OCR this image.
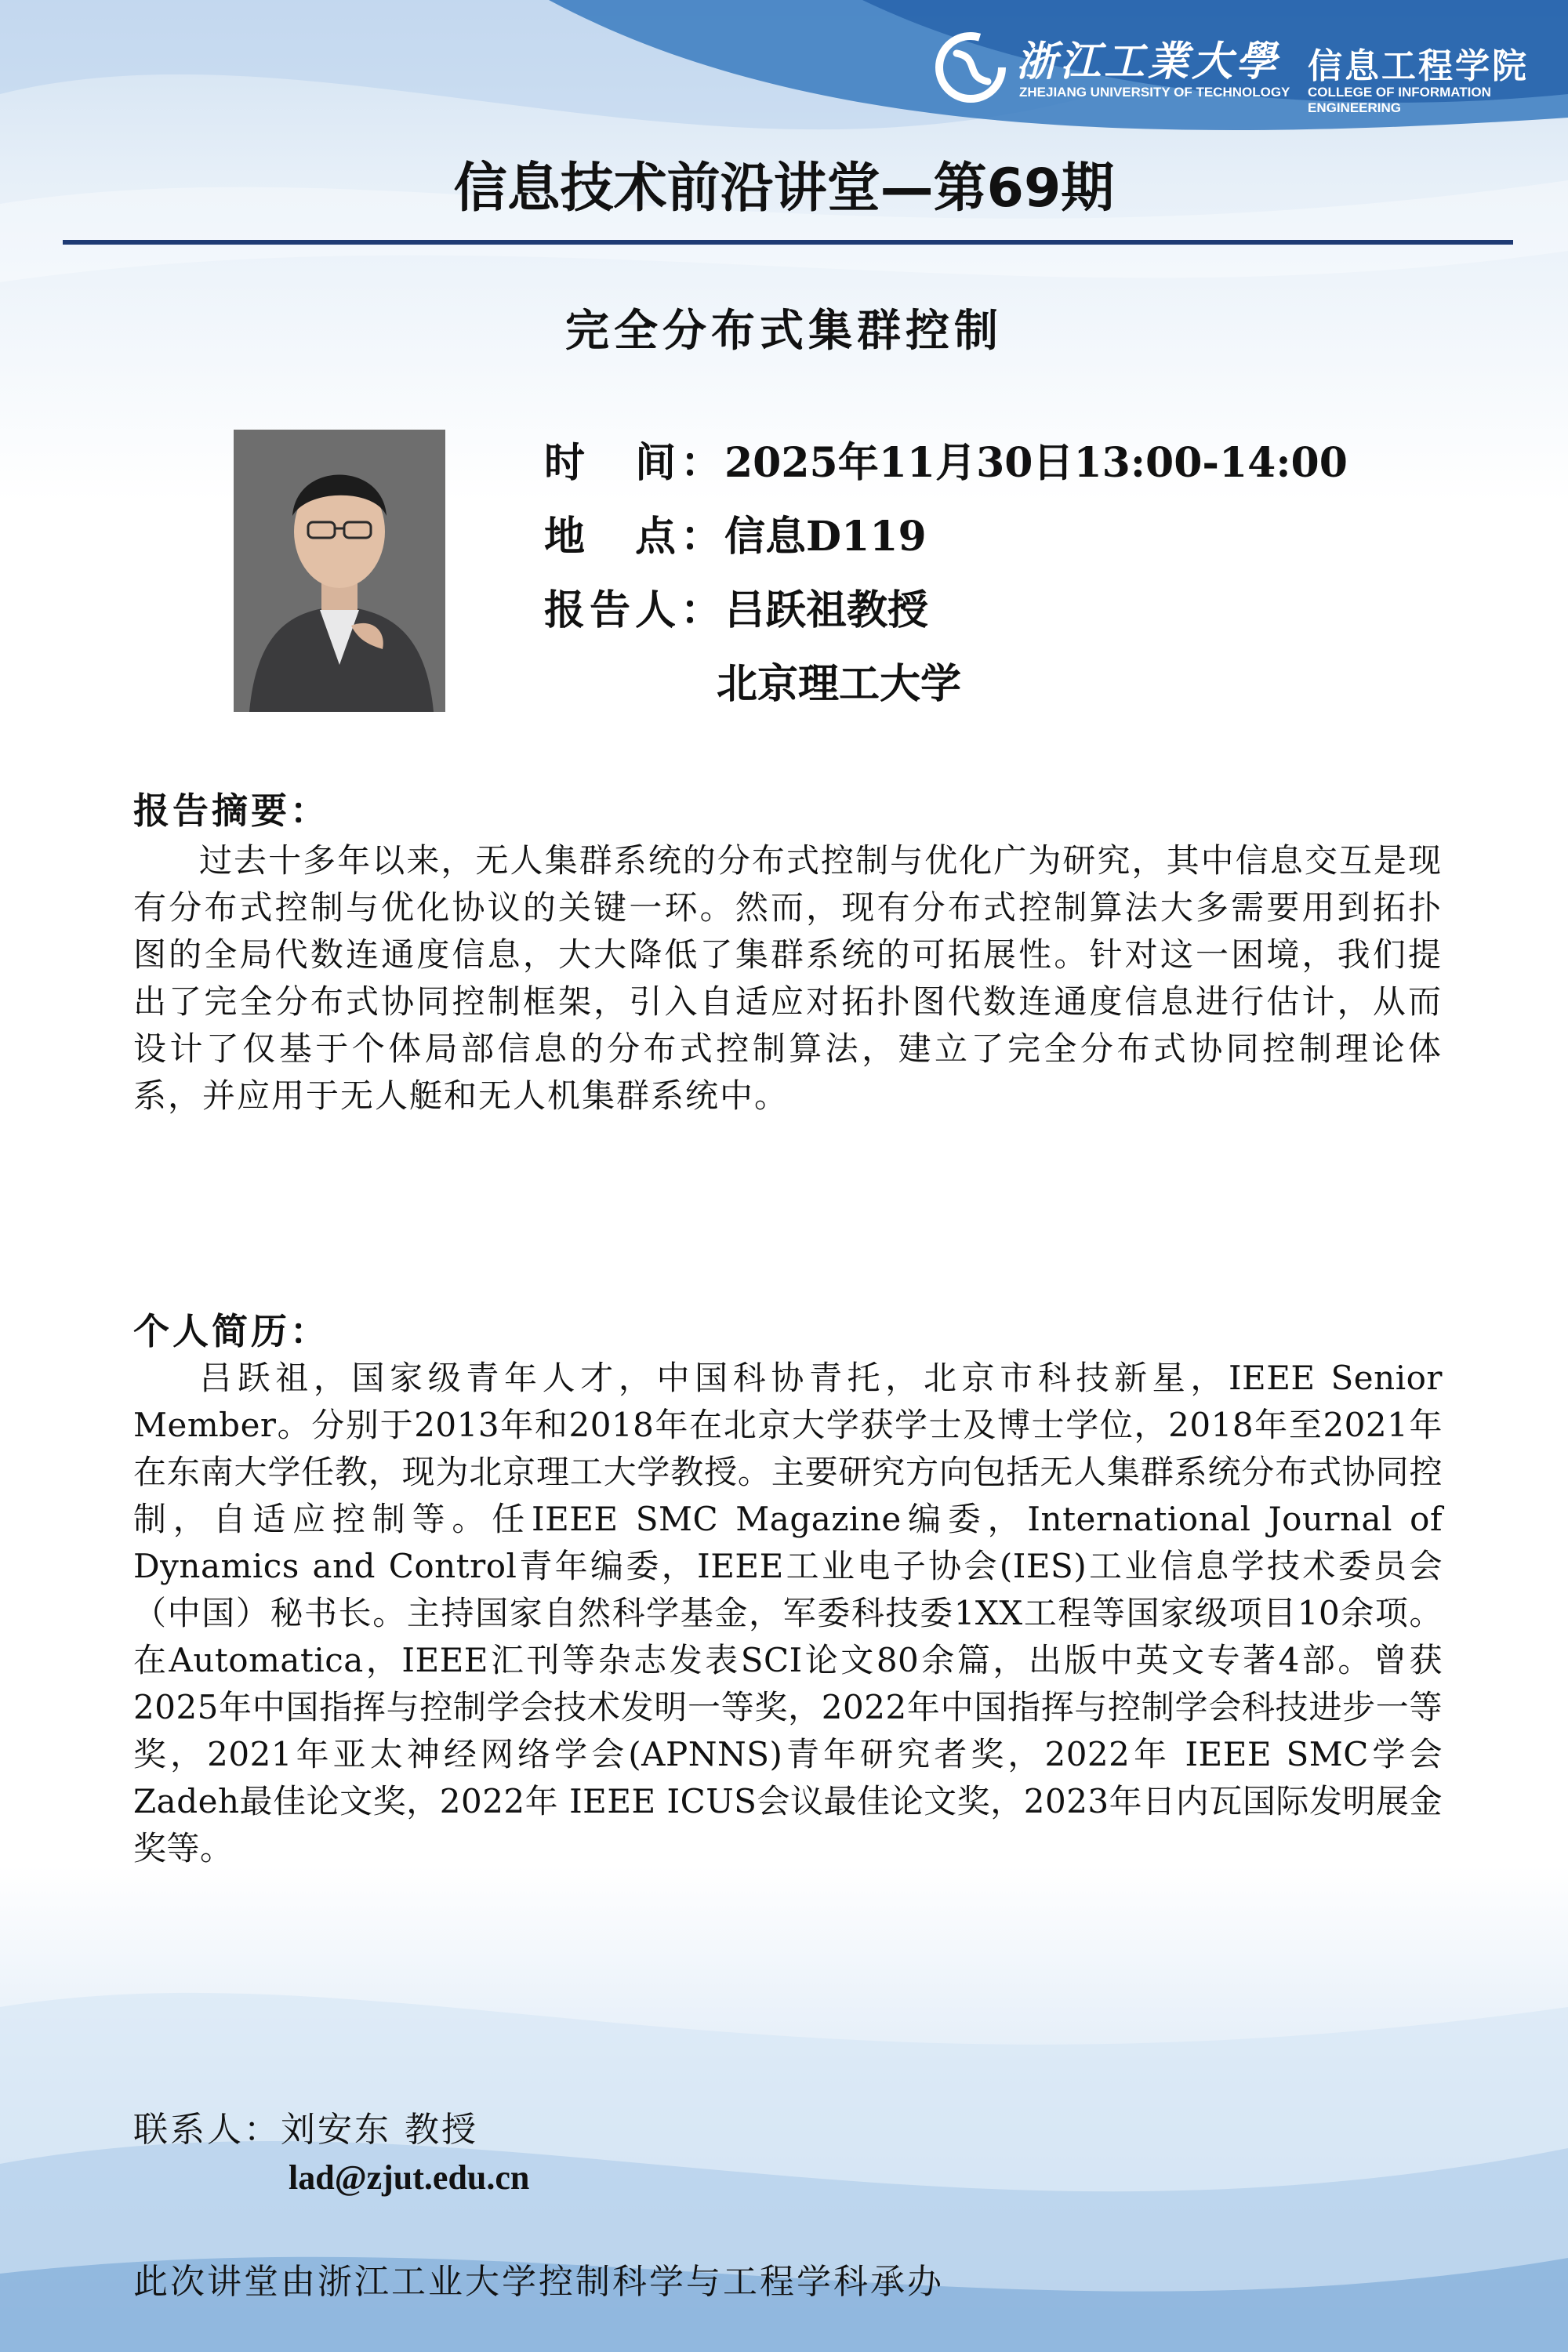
浙江工業大學 信息工程学院
ZHEJIANG UNIVERSITY OF TECHNOLOGY COLLEGE OF INFORMATION ENGINEERING
信息技术前沿讲堂—第69期
完全分布式集群控制
时　间：2025年11月30日13:00-14:00
地　点：信息D119
报告人：吕跃祖教授
北京理工大学
报告摘要：
过去十多年以来，无人集群系统的分布式控制与优化广为研究，其中信息交互是现有分布式控制与优化协议的关键一环。然而，现有分布式控制算法大多需要用到拓扑图的全局代数连通度信息，大大降低了集群系统的可拓展性。针对这一困境，我们提出了完全分布式协同控制框架，引入自适应对拓扑图代数连通度信息进行估计，从而设计了仅基于个体局部信息的分布式控制算法，建立了完全分布式协同控制理论体系，并应用于无人艇和无人机集群系统中。
个人简历：
吕跃祖，国家级青年人才，中国科协青托，北京市科技新星，IEEE Senior Member。分别于2013年和2018年在北京大学获学士及博士学位，2018年至2021年在东南大学任教，现为北京理工大学教授。主要研究方向包括无人集群系统分布式协同控制，自适应控制等。任IEEE SMC Magazine编委，International Journal of Dynamics and Control青年编委，IEEE工业电子协会(IES)工业信息学技术委员会（中国）秘书长。主持国家自然科学基金，军委科技委1XX工程等国家级项目10余项。在Automatica，IEEE汇刊等杂志发表SCI论文80余篇，出版中英文专著4部。曾获2025年中国指挥与控制学会技术发明一等奖，2022年中国指挥与控制学会科技进步一等奖，2021年亚太神经网络学会(APNNS)青年研究者奖，2022年 IEEE SMC学会Zadeh最佳论文奖，2022年 IEEE ICUS会议最佳论文奖，2023年日内瓦国际发明展金奖等。
联系人：刘安东 教授
lad@zjut.edu.cn
此次讲堂由浙江工业大学控制科学与工程学科承办
